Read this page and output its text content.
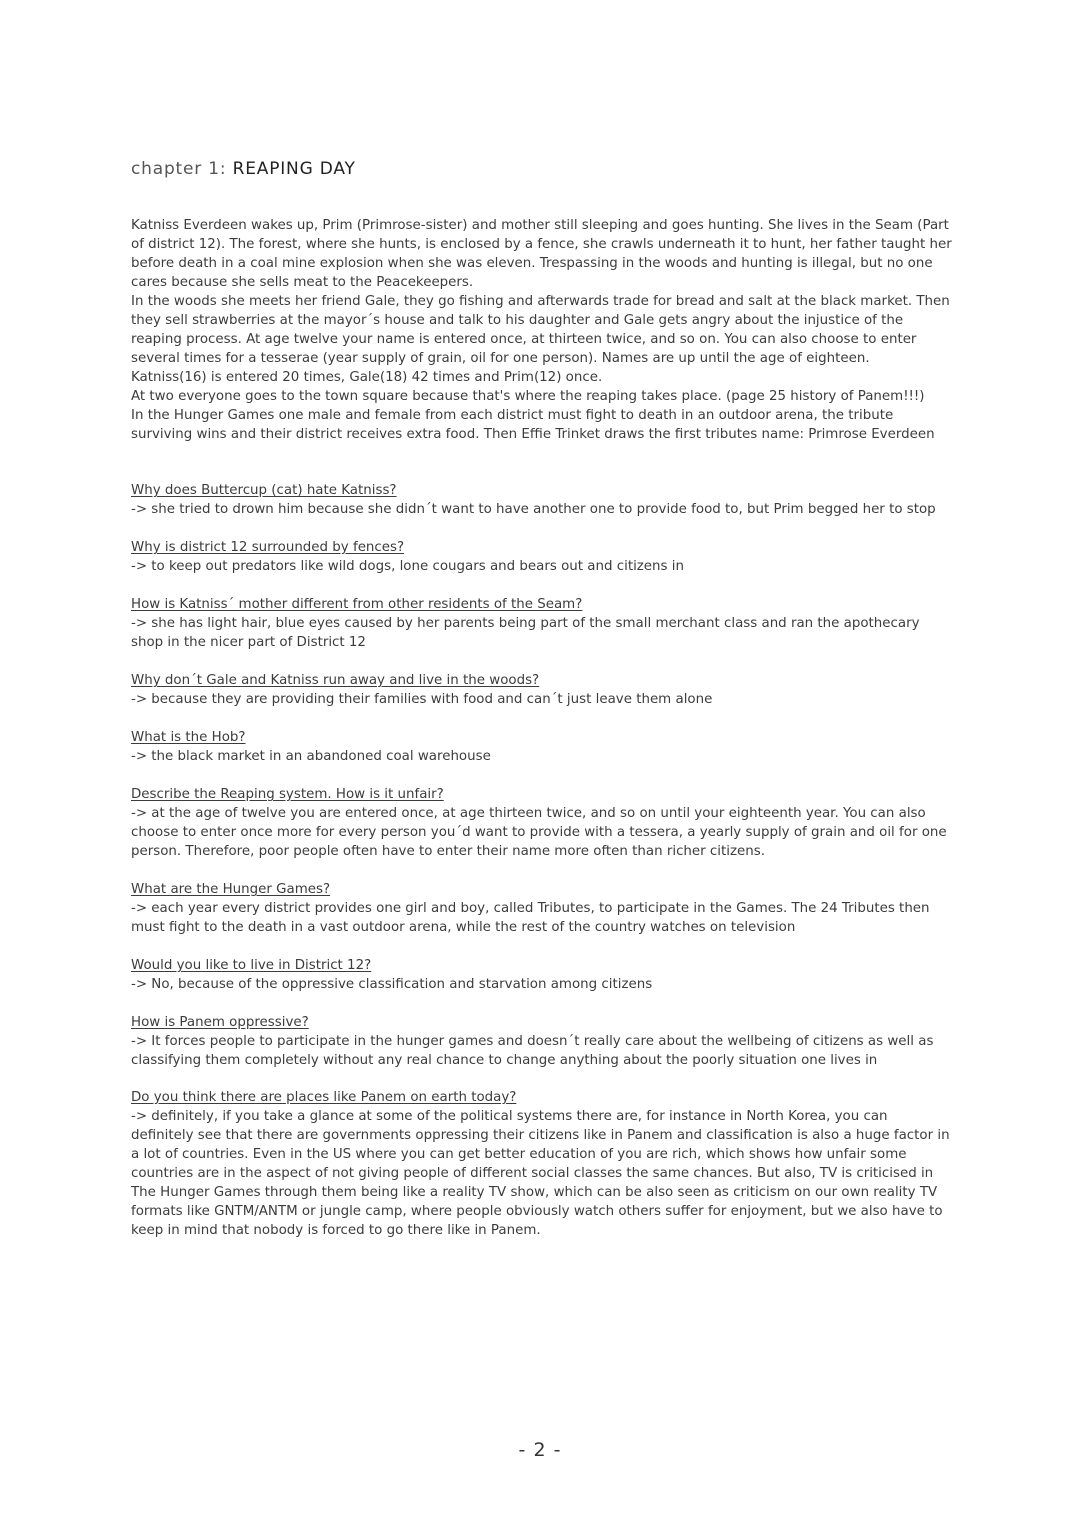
chapter 1: REAPING DAY

Katniss Everdeen wakes up, Prim (Primrose-sister) and mother still sleeping and goes hunting. She lives in the Seam (Part of district 12). The forest, where she hunts, is enclosed by a fence, she crawls underneath it to hunt, her father taught her before death in a coal mine explosion when she was eleven. Trespassing in the woods and hunting is illegal, but no one cares because she sells meat to the Peacekeepers.

In the woods she meets her friend Gale, they go fishing and afterwards trade for bread and salt at the black market. Then they sell strawberries at the mayor´s house and talk to his daughter and Gale gets angry about the injustice of the reaping process. At age twelve your name is entered once, at thirteen twice, and so on. You can also choose to enter several times for a tesserae (year supply of grain, oil for one person). Names are up until the age of eighteen.

Katniss(16) is entered 20 times, Gale(18) 42 times and Prim(12) once.

At two everyone goes to the town square because that's where the reaping takes place. (page 25 history of Panem!!!)

In the Hunger Games one male and female from each district must fight to death in an outdoor arena, the tribute surviving wins and their district receives extra food. Then Effie Trinket draws the first tributes name: Primrose Everdeen

Why does Buttercup (cat) hate Katniss?

-> she tried to drown him because she didn´t want to have another one to provide food to, but Prim begged her to stop

Why is district 12 surrounded by fences?

-> to keep out predators like wild dogs, lone cougars and bears out and citizens in

How is Katniss´ mother different from other residents of the Seam?

-> she has light hair, blue eyes caused by her parents being part of the small merchant class and ran the apothecary shop in the nicer part of District 12

Why don´t Gale and Katniss run away and live in the woods?

-> because they are providing their families with food and can´t just leave them alone

What is the Hob?

-> the black market in an abandoned coal warehouse

Describe the Reaping system. How is it unfair?

-> at the age of twelve you are entered once, at age thirteen twice, and so on until your eighteenth year. You can also choose to enter once more for every person you´d want to provide with a tessera, a yearly supply of grain and oil for one person. Therefore, poor people often have to enter their name more often than richer citizens.

What are the Hunger Games?

-> each year every district provides one girl and boy, called Tributes, to participate in the Games. The 24 Tributes then must fight to the death in a vast outdoor arena, while the rest of the country watches on television

Would you like to live in District 12?

-> No, because of the oppressive classification and starvation among citizens

How is Panem oppressive?

-> It forces people to participate in the hunger games and doesn´t really care about the wellbeing of citizens as well as classifying them completely without any real chance to change anything about the poorly situation one lives in

Do you think there are places like Panem on earth today?

-> definitely, if you take a glance at some of the political systems there are, for instance in North Korea, you can definitely see that there are governments oppressing their citizens like in Panem and classification is also a huge factor in a lot of countries. Even in the US where you can get better education of you are rich, which shows how unfair some countries are in the aspect of not giving people of different social classes the same chances. But also, TV is criticised in The Hunger Games through them being like a reality TV show, which can be also seen as criticism on our own reality TV formats like GNTM/ANTM or jungle camp, where people obviously watch others suffer for enjoyment, but we also have to keep in mind that nobody is forced to go there like in Panem.

- 2 -
